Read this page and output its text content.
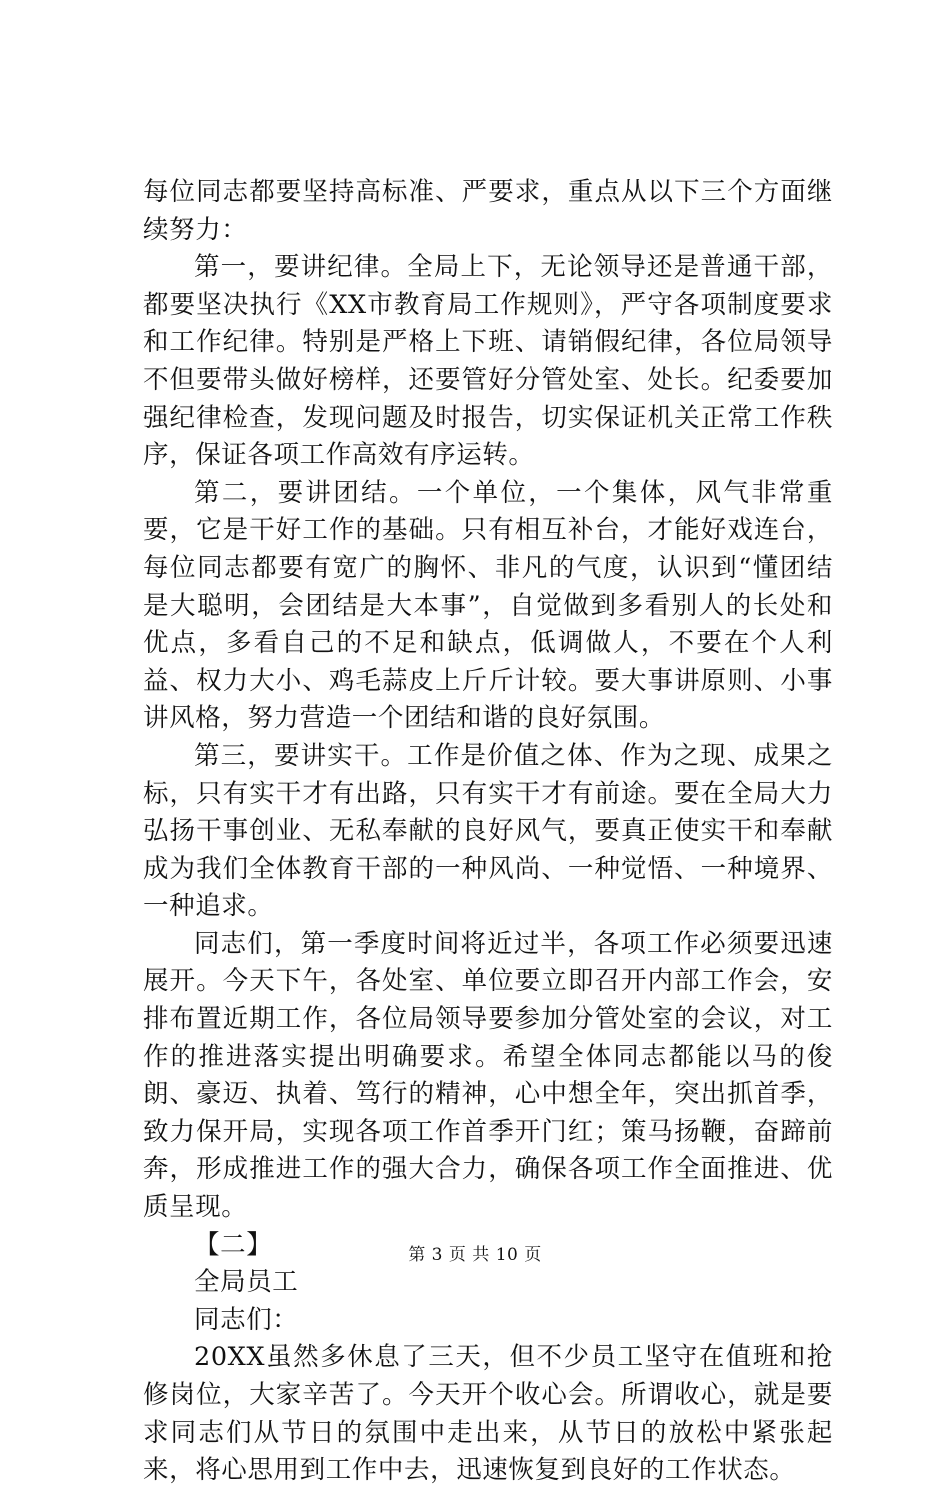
每位同志都要坚持高标准、严要求，重点从以下三个方面继续努力：

第一，要讲纪律。全局上下，无论领导还是普通干部，都要坚决执行《XX市教育局工作规则》，严守各项制度要求和工作纪律。特别是严格上下班、请销假纪律，各位局领导不但要带头做好榜样，还要管好分管处室、处长。纪委要加强纪律检查，发现问题及时报告，切实保证机关正常工作秩序，保证各项工作高效有序运转。

第二，要讲团结。一个单位，一个集体，风气非常重要，它是干好工作的基础。只有相互补台，才能好戏连台，每位同志都要有宽广的胸怀、非凡的气度，认识到“懂团结是大聪明，会团结是大本事”，自觉做到多看别人的长处和优点，多看自己的不足和缺点，低调做人，不要在个人利益、权力大小、鸡毛蒜皮上斤斤计较。要大事讲原则、小事讲风格，努力营造一个团结和谐的良好氛围。

第三，要讲实干。工作是价值之体、作为之现、成果之标，只有实干才有出路，只有实干才有前途。要在全局大力弘扬干事创业、无私奉献的良好风气，要真正使实干和奉献成为我们全体教育干部的一种风尚、一种觉悟、一种境界、一种追求。

同志们，第一季度时间将近过半，各项工作必须要迅速展开。今天下午，各处室、单位要立即召开内部工作会，安排布置近期工作，各位局领导要参加分管处室的会议，对工作的推进落实提出明确要求。希望全体同志都能以马的俊朗、豪迈、执着、笃行的精神，心中想全年，突出抓首季，致力保开局，实现各项工作首季开门红；策马扬鞭，奋蹄前奔，形成推进工作的强大合力，确保各项工作全面推进、优质呈现。

【二】

全局员工

同志们：

20XX虽然多休息了三天，但不少员工坚守在值班和抢修岗位，大家辛苦了。今天开个收心会。所谓收心，就是要求同志们从节日的氛围中走出来，从节日的放松中紧张起来，将心思用到工作中去，迅速恢复到良好的工作状态。

第 3 页 共 10 页
